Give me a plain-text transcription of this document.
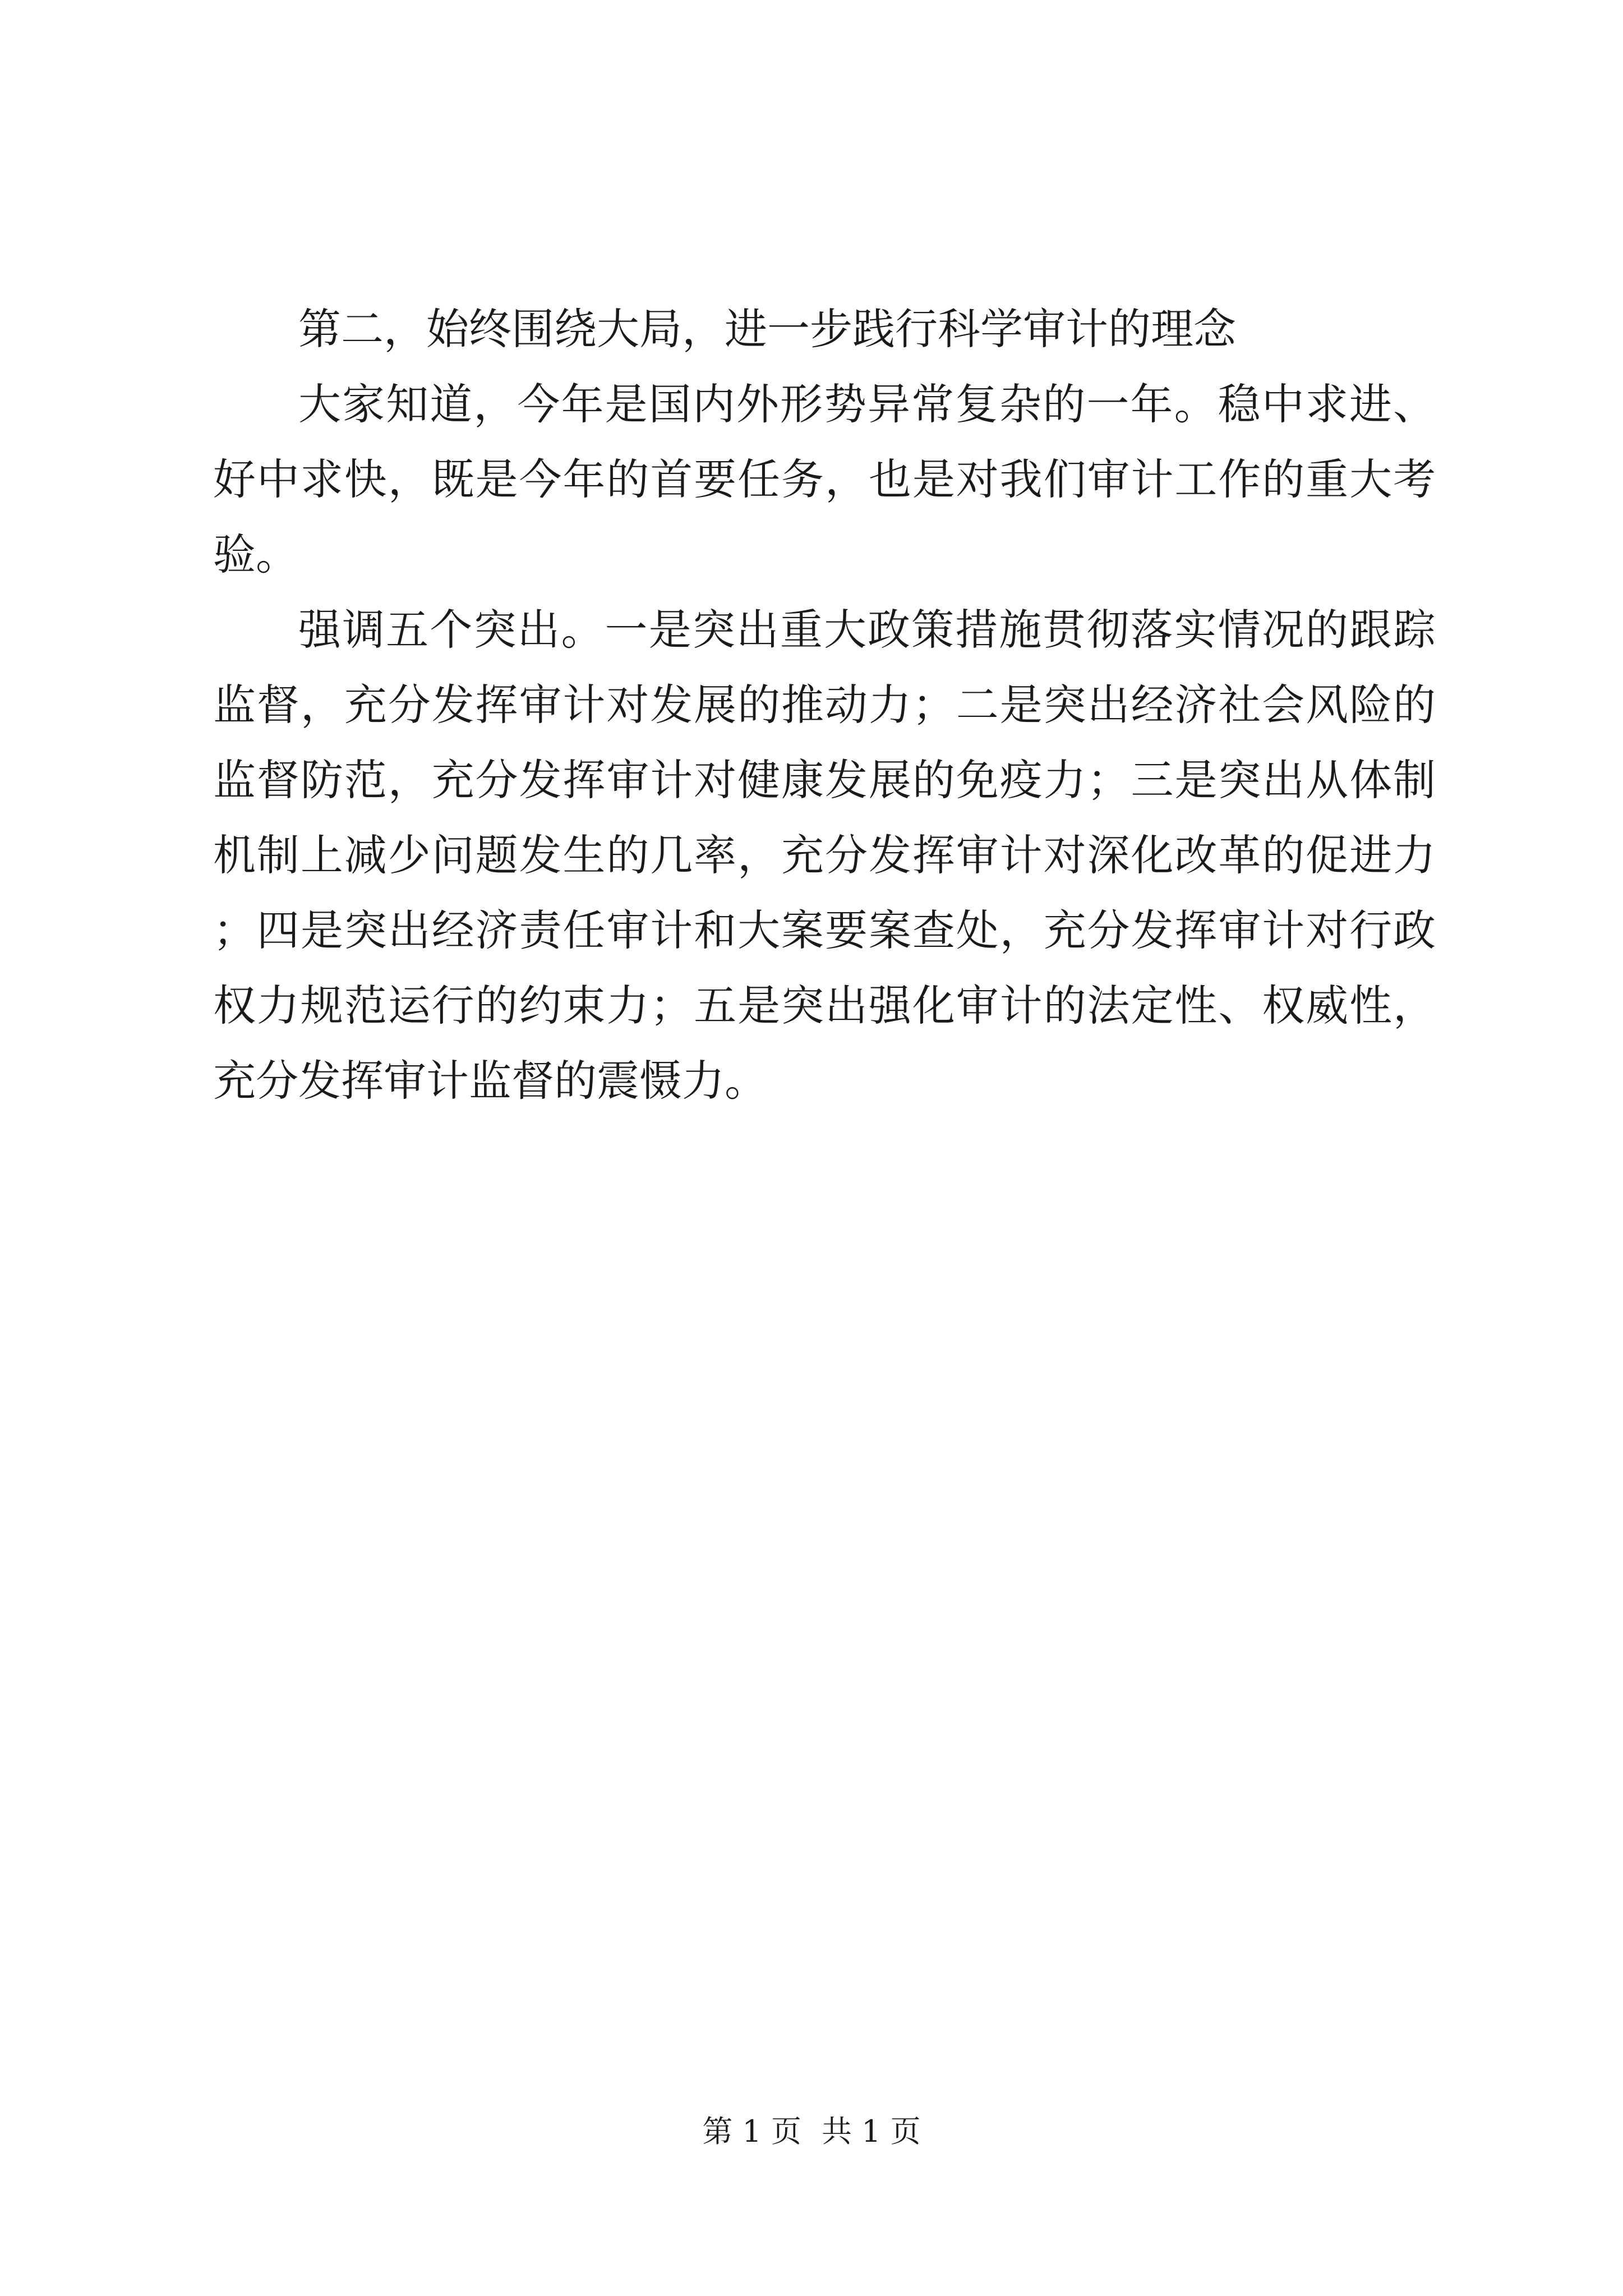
第二，始终围绕大局，进一步践行科学审计的理念

大家知道，今年是国内外形势异常复杂的一年。稳中求进、好中求快，既是今年的首要任务，也是对我们审计工作的重大考验。

强调五个突出。一是突出重大政策措施贯彻落实情况的跟踪监督，充分发挥审计对发展的推动力；二是突出经济社会风险的监督防范，充分发挥审计对健康发展的免疫力；三是突出从体制机制上减少问题发生的几率，充分发挥审计对深化改革的促进力；四是突出经济责任审计和大案要案查处，充分发挥审计对行政权力规范运行的约束力；五是突出强化审计的法定性、权威性，充分发挥审计监督的震慑力。

第 1 页 共 1 页
